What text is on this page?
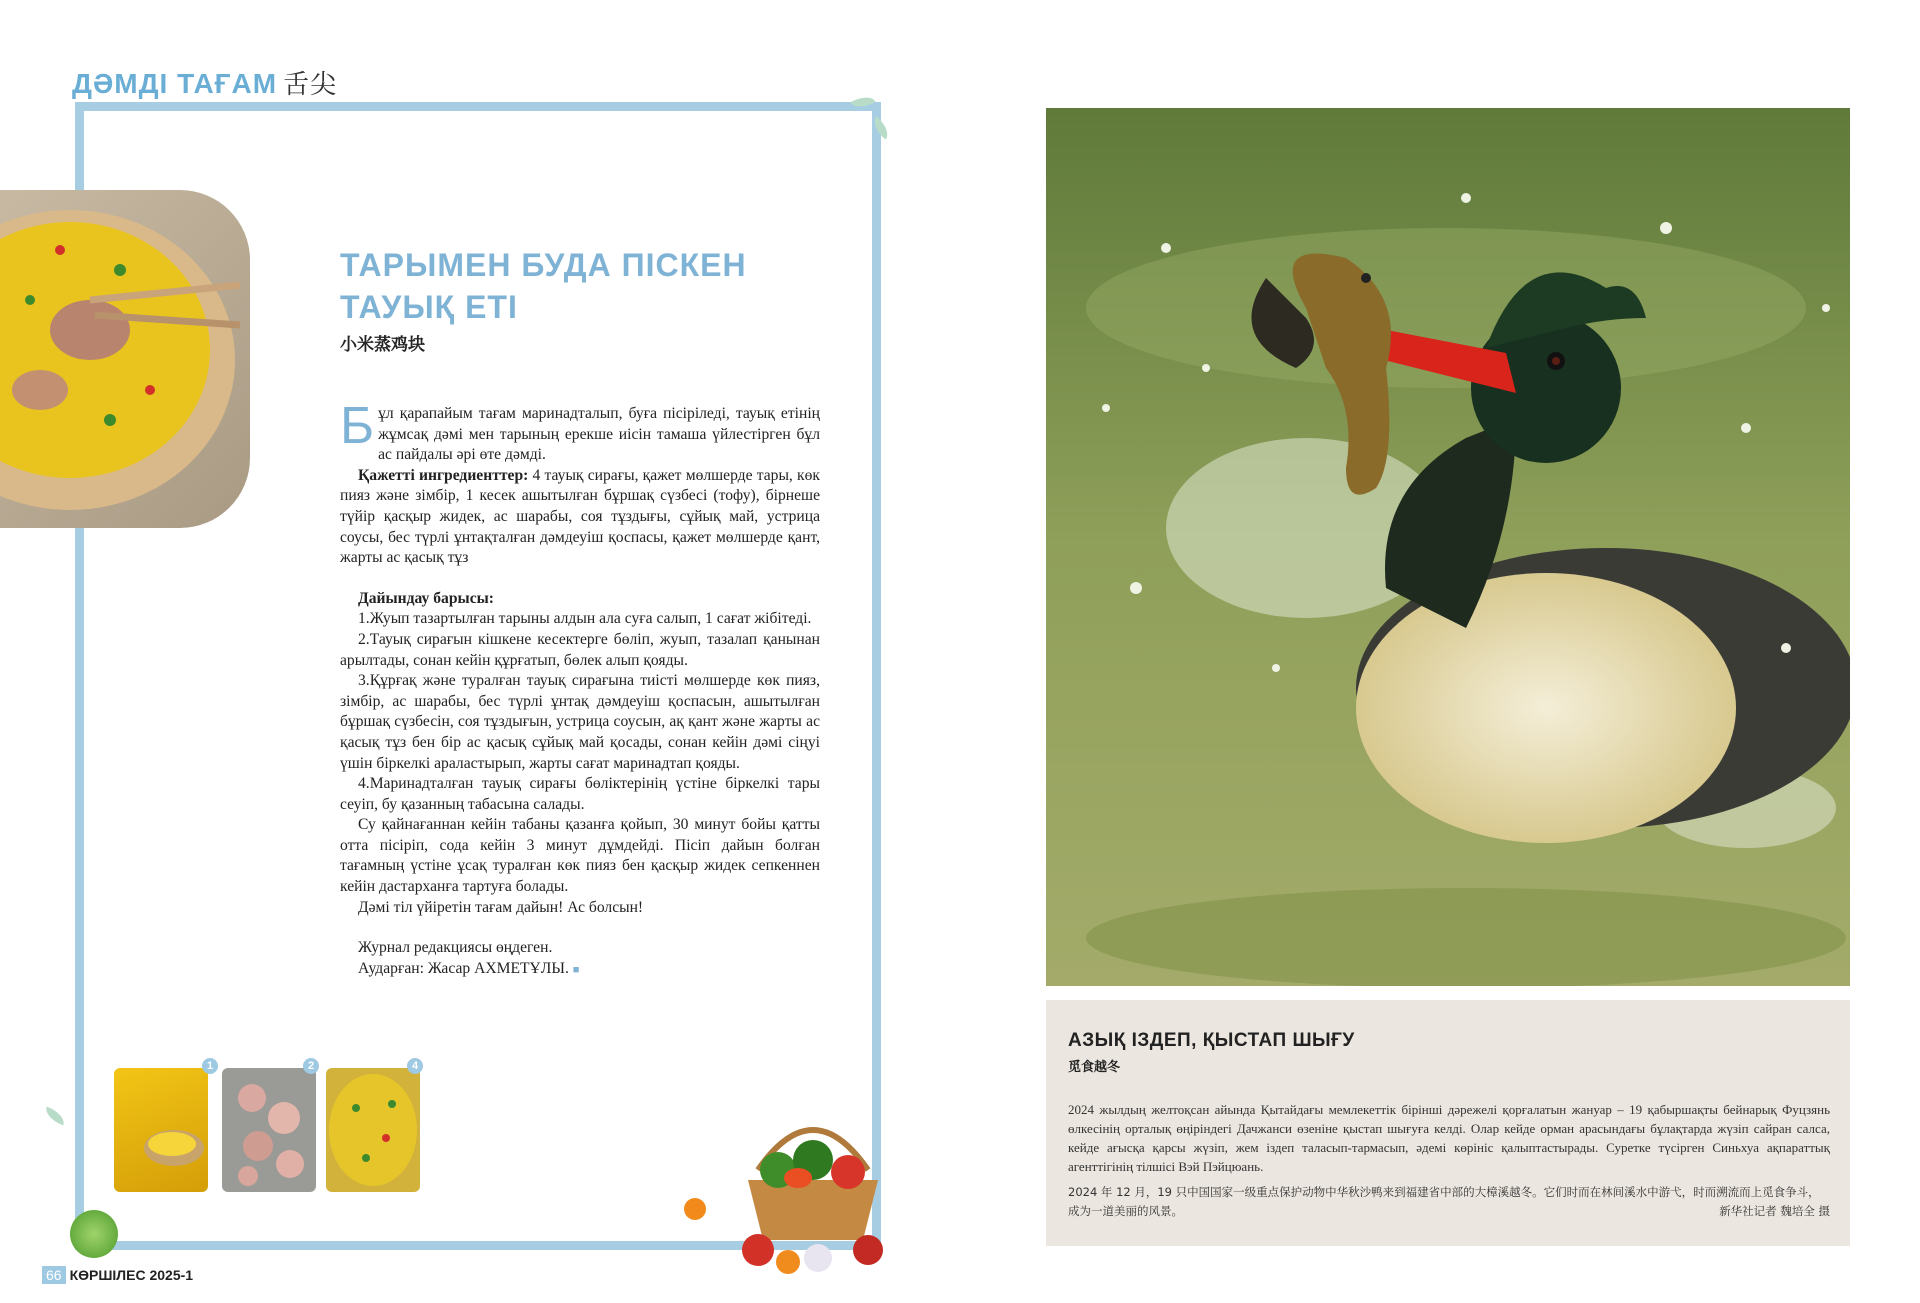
ДӘМДІ ТАҒАМ 舌尖
ТАРЫМЕН БУДА ПІСКЕН ТАУЫҚ ЕТІ
小米蒸鸡块

Бұл қарапайым тағам маринадталып, буға пісіріледі, тауық етінің жұмсақ дәмі мен тарының ерекше иісін тамаша үйлестірген бұл ас пайдалы әрі өте дәмді.

Қажетті ингредиенттер: 4 тауық сирағы, қажет мөлшерде тары, көк пияз және зімбір, 1 кесек ашытылған бұршақ сүзбесі (тофу), бірнеше түйір қасқыр жидек, ас шарабы, соя тұздығы, сұйық май, устрица соусы, бес түрлі ұнтақталған дәмдеуіш қоспасы, қажет мөлшерде қант, жарты ас қасық тұз

Дайындау барысы:

1.Жуып тазартылған тарыны алдын ала суға салып, 1 сағат жібітеді.

2.Тауық сирағын кішкене кесектерге бөліп, жуып, тазалап қанынан арылтады, сонан кейін құрғатып, бөлек алып қояды.

3.Құрғақ және туралған тауық сирағына тиісті мөлшерде көк пияз, зімбір, ас шарабы, бес түрлі ұнтақ дәмдеуіш қоспасын, ашытылған бұршақ сүзбесін, соя тұздығын, устрица соусын, ақ қант және жарты ас қасық тұз бен бір ас қасық сұйық май қосады, сонан кейін дәмі сіңуі үшін біркелкі араластырып, жарты сағат маринадтап қояды.

4.Маринадталған тауық сирағы бөліктерінің үстіне біркелкі тары сеуіп, бу қазанның табасына салады.

Су қайнағаннан кейін табаны қазанға қойып, 30 минут бойы қатты отта пісіріп, сода кейін 3 минут дұмдейді. Пісіп дайын болған тағамның үстіне ұсақ туралған көк пияз бен қасқыр жидек сепкеннен кейін дастарханға тартуға болады.

Дәмі тіл үйіретін тағам дайын! Ас болсын!

Журнал редакциясы өңдеген.

Аударған: Жасар АХМЕТҰЛЫ. ■

1	2	4
66 КӨРШІЛЕС 2025-1
АЗЫҚ ІЗДЕП, ҚЫСТАП ШЫҒУ
觅食越冬

2024 жылдың желтоқсан айында Қытайдағы мемлекеттік бірінші дәрежелі қорғалатын жануар – 19 қабыршақты бейнарық Фуцзянь өлкесінің орталық өңіріндегі Дачжанси өзеніне қыстап шығуға келді. Олар кейде орман арасындағы бұлақтарда жүзіп сайран салса, кейде ағысқа қарсы жүзіп, жем іздеп таласып-тармасып, әдемі көрініс қалыптастырады. Суретке түсірген Синьхуа ақпараттық агенттігінің тілшісі Вэй Пэйцюань.

2024 年 12 月，19 只中国国家一级重点保护动物中华秋沙鸭来到福建省中部的大樟溪越冬。它们时而在林间溪水中游弋，时而溯流而上觅食争斗，成为一道美丽的风景。	新华社记者 魏培全 摄
